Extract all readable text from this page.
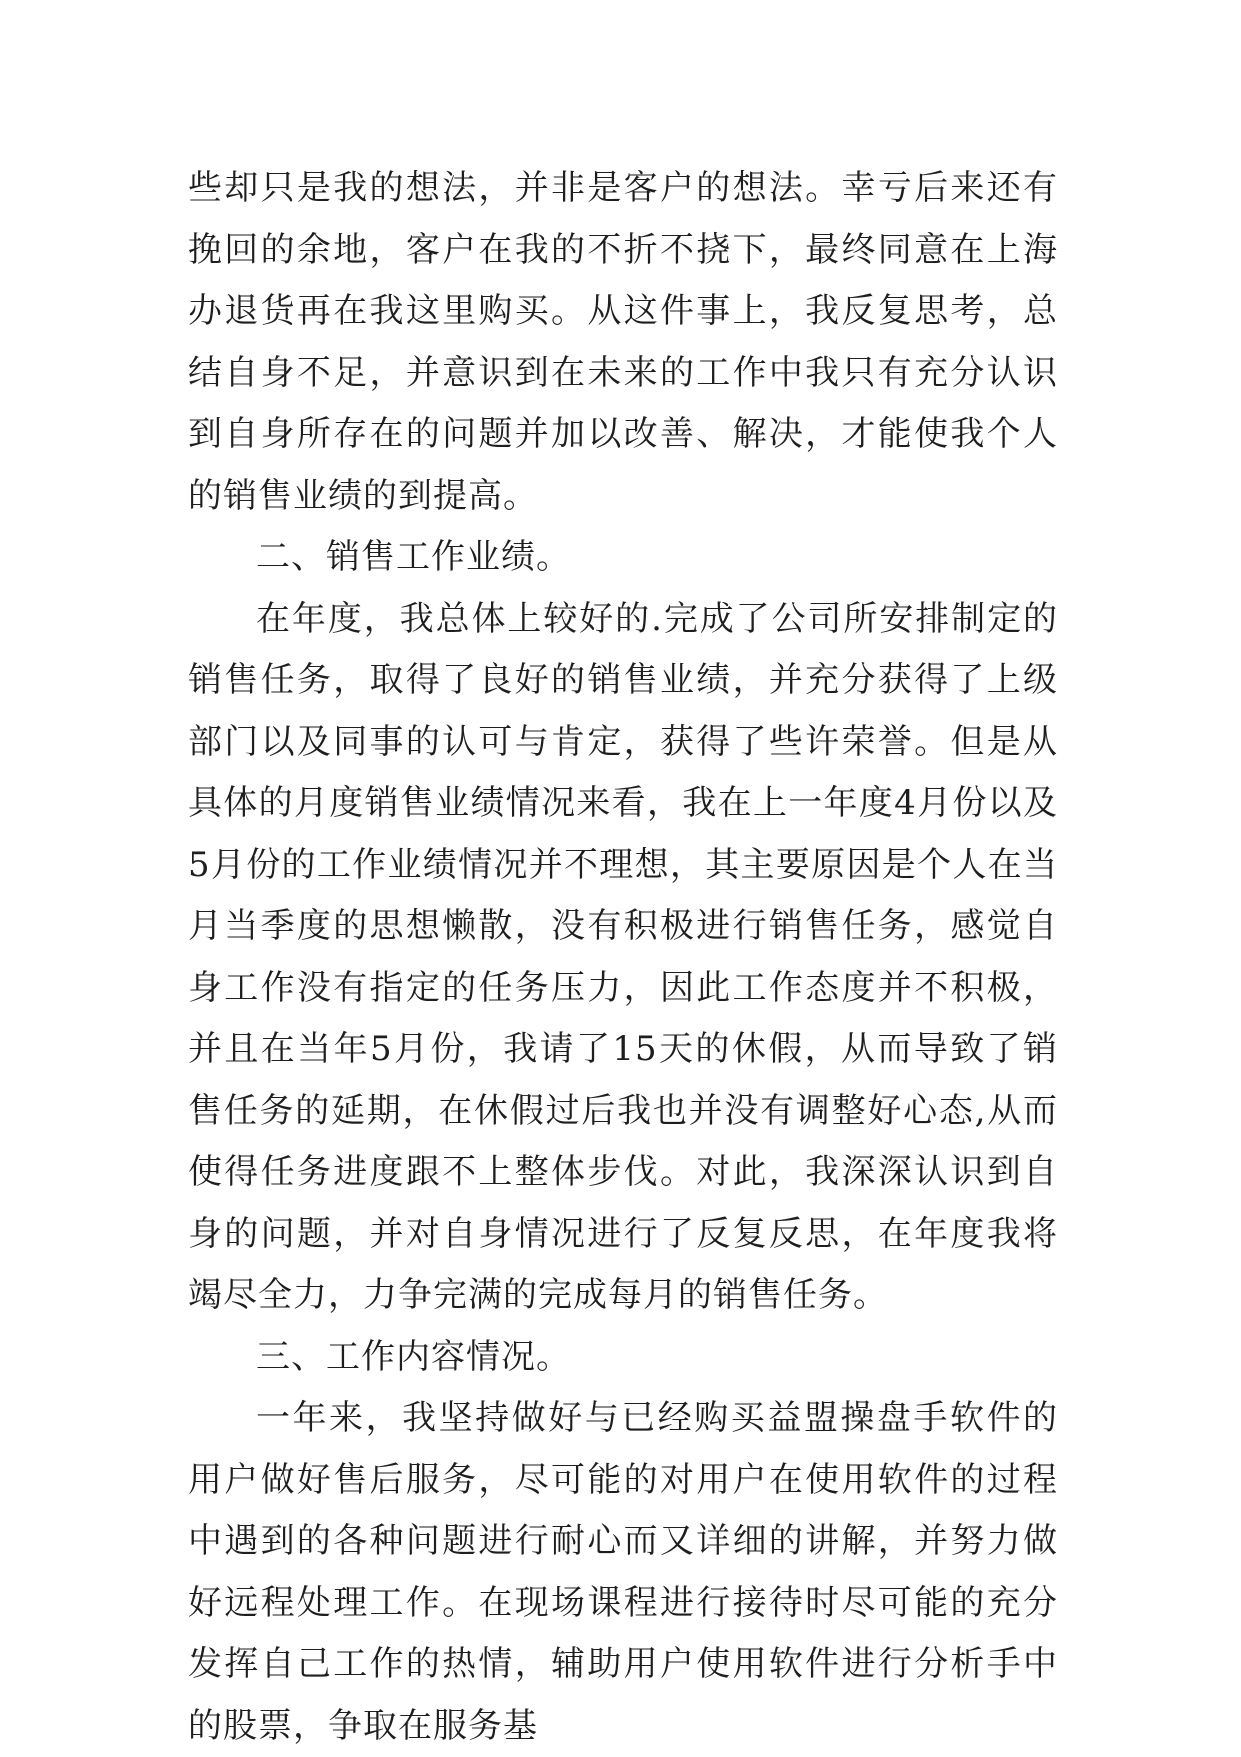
些却只是我的想法，并非是客户的想法。幸亏后来还有挽回的余地，客户在我的不折不挠下，最终同意在上海办退货再在我这里购买。从这件事上，我反复思考，总结自身不足，并意识到在未来的工作中我只有充分认识到自身所存在的问题并加以改善、解决，才能使我个人的销售业绩的到提高。

二、销售工作业绩。

在年度，我总体上较好的.完成了公司所安排制定的销售任务，取得了良好的销售业绩，并充分获得了上级部门以及同事的认可与肯定，获得了些许荣誉。但是从具体的月度销售业绩情况来看，我在上一年度4月份以及5月份的工作业绩情况并不理想，其主要原因是个人在当月当季度的思想懒散，没有积极进行销售任务，感觉自身工作没有指定的任务压力，因此工作态度并不积极，并且在当年5月份，我请了15天的休假，从而导致了销售任务的延期，在休假过后我也并没有调整好心态,从而使得任务进度跟不上整体步伐。对此，我深深认识到自身的问题，并对自身情况进行了反复反思，在年度我将竭尽全力，力争完满的完成每月的销售任务。

三、工作内容情况。

一年来，我坚持做好与已经购买益盟操盘手软件的用户做好售后服务，尽可能的对用户在使用软件的过程中遇到的各种问题进行耐心而又详细的讲解，并努力做好远程处理工作。在现场课程进行接待时尽可能的充分发挥自己工作的热情，辅助用户使用软件进行分析手中的股票，争取在服务基
